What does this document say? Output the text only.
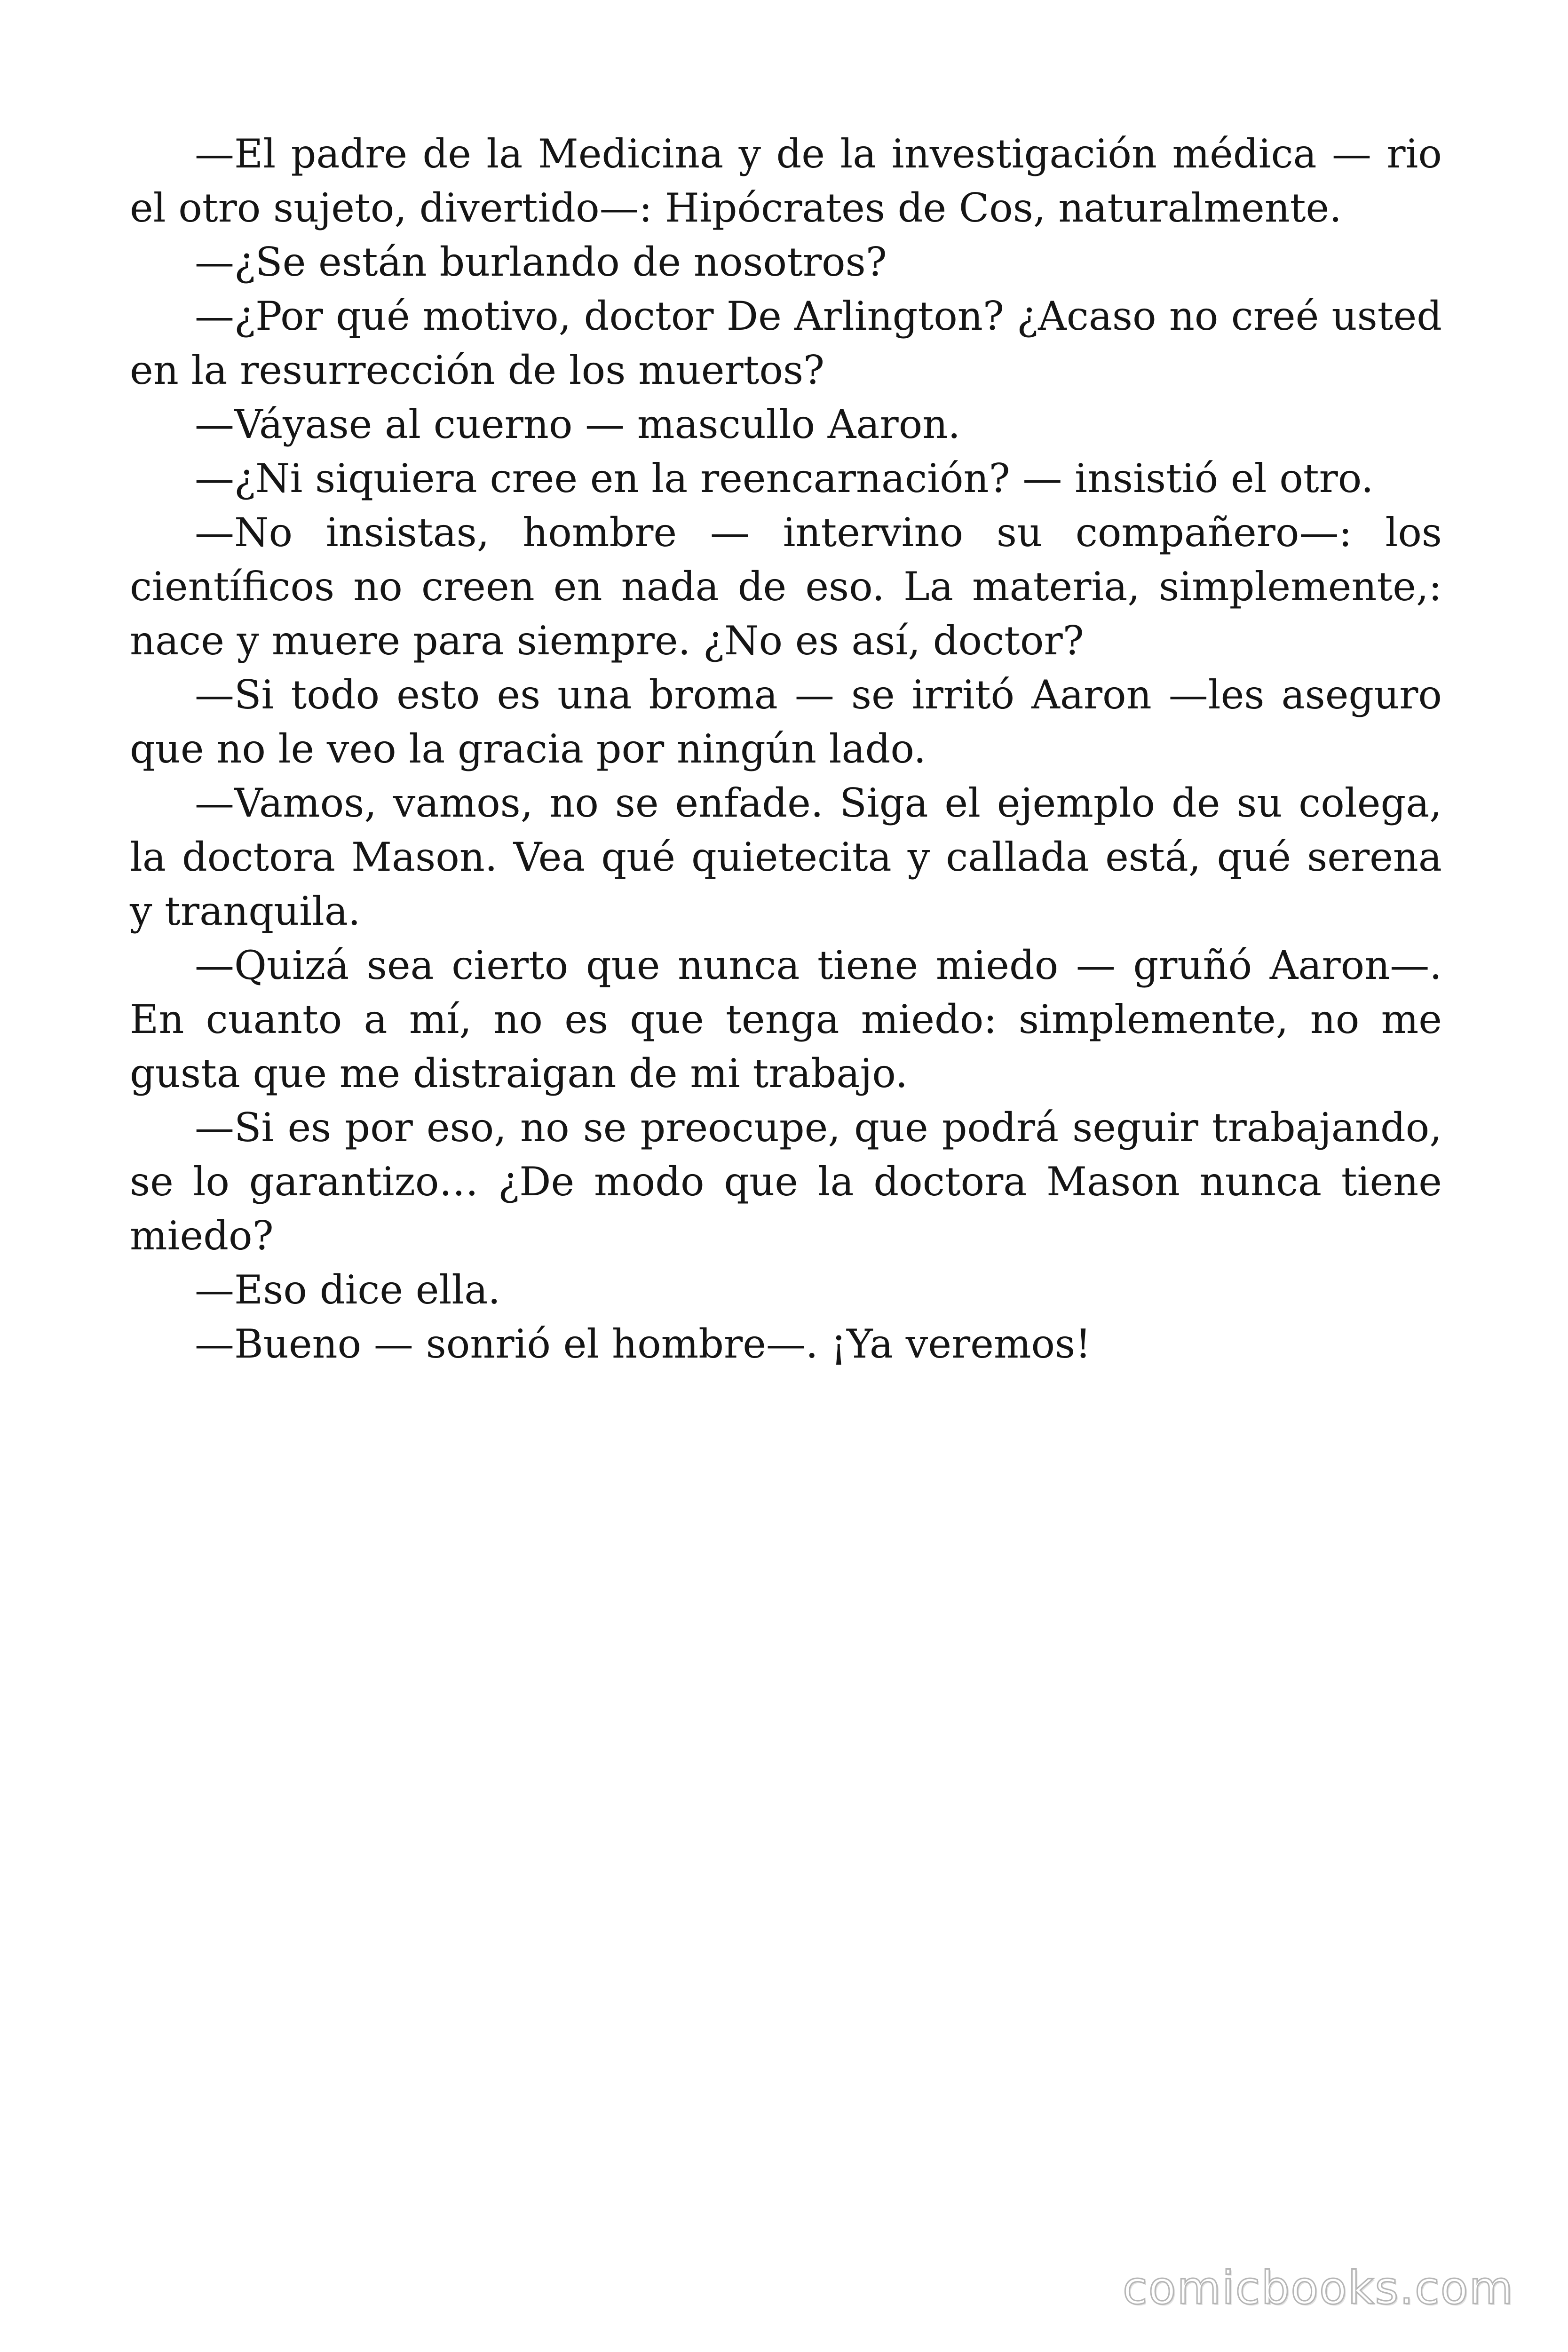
—El padre de la Medicina y de la investigación médica — rio el otro sujeto, divertido—: Hipócrates de Cos, naturalmente.

—¿Se están burlando de nosotros?

—¿Por qué motivo, doctor De Arlington? ¿Acaso no creé usted en la resurrección de los muertos?

—Váyase al cuerno — mascullo Aaron.

—¿Ni siquiera cree en la reencarnación? — insistió el otro.

—No insistas, hombre — intervino su compañero—: los científicos no creen en nada de eso. La materia, simplemente,: nace y muere para siempre. ¿No es así, doctor?

—Si todo esto es una broma — se irritó Aaron —les aseguro que no le veo la gracia por ningún lado.

—Vamos, vamos, no se enfade. Siga el ejemplo de su colega, la doctora Mason. Vea qué quietecita y callada está, qué serena y tranquila.

—Quizá sea cierto que nunca tiene miedo — gruñó Aaron—. En cuanto a mí, no es que tenga miedo: simplemente, no me gusta que me distraigan de mi trabajo.

—Si es por eso, no se preocupe, que podrá seguir trabajando, se lo garantizo… ¿De modo que la doctora Mason nunca tiene miedo?

—Eso dice ella.

—Bueno — sonrió el hombre—. ¡Ya veremos!

comicbooks.com
